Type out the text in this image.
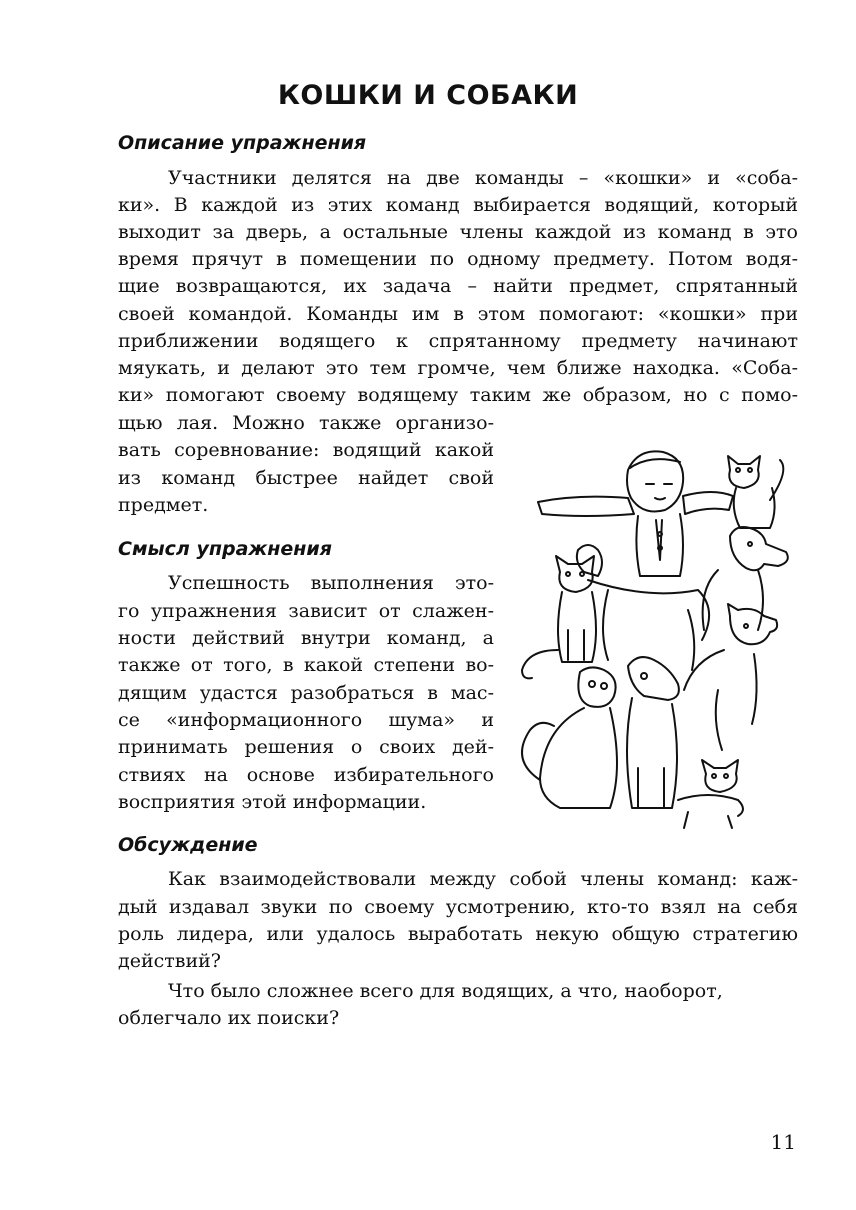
КОШКИ И СОБАКИ
Описание упражнения
Участники делятся на две команды – «кошки» и «соба-
ки». В каждой из этих команд выбирается водящий, который
выходит за дверь, а остальные члены каждой из команд в это
время прячут в помещении по одному предмету. Потом водя-
щие возвращаются, их задача – найти предмет, спрятанный
своей командой. Команды им в этом помогают: «кошки» при
приближении водящего к спрятанному предмету начинают
мяукать, и делают это тем громче, чем ближе находка. «Соба-
ки» помогают своему водящему таким же образом, но с помо-
щью лая. Можно также организо-
вать соревнование: водящий какой
из команд быстрее найдет свой
предмет.
Смысл упражнения
Успешность выполнения это-
го упражнения зависит от слажен-
ности действий внутри команд, а
также от того, в какой степени во-
дящим удастся разобраться в мас-
се «информационного шума» и
принимать решения о своих дей-
ствиях на основе избирательного
восприятия этой информации.
Обсуждение
Как взаимодействовали между собой члены команд: каж-
дый издавал звуки по своему усмотрению, кто-то взял на себя
роль лидера, или удалось выработать некую общую стратегию
действий?
Что было сложнее всего для водящих, а что, наоборот,
облегчало их поиски?
11
